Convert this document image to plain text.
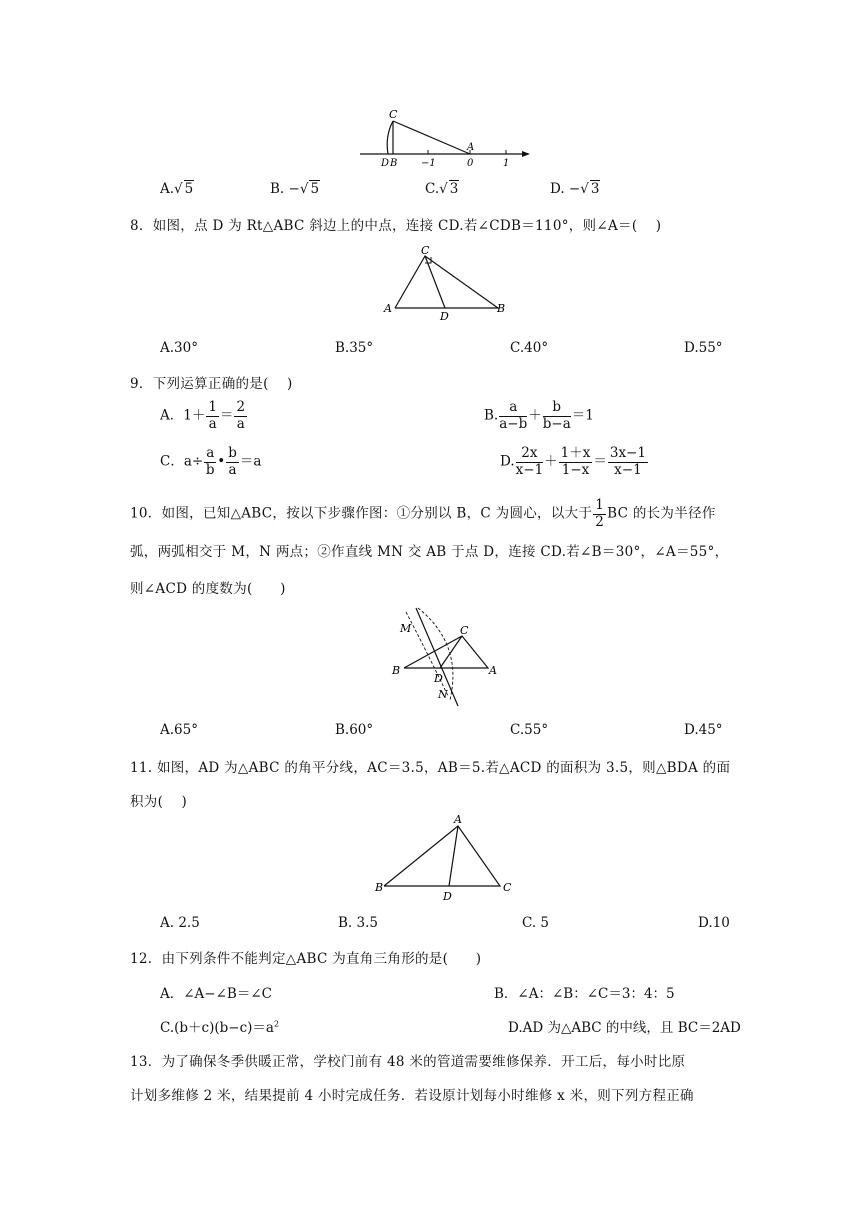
C
D B
A
−1	0	1
A.√ 5	B. −√ 5	C.√ 3	D. −√ 3
8．如图，点 D 为 Rt△ABC 斜边上的中点，连接 CD.若∠CDB＝110°，则∠A＝(　 )
C
A	B
D
A.30°	B.35°	C.40°	D.55°
9．下列运算正确的是(　 )
A．$1+ \frac{1}{a} = \frac{2}{a}$	B. $\frac{a}{a-b} + \frac{b}{b-a} =1$
C．$a\div \frac{a}{b}$ • $\frac{b}{a} =a$	D. $\frac{2x}{x-1} + \frac{1+x}{1-x} = \frac{3x-1}{x-1}$
10．如图，已知△ABC，按以下步骤作图：①分别以 B，C 为圆心，以大于 $\frac{1}{2}$ BC 的长为半径作
弧，两弧相交于 M，N 两点；②作直线 MN 交 AB 于点 D，连接 CD.若∠B＝30°，∠A＝55°，
则∠ACD 的度数为(　　)
M	C
B
D
A
N
A.65°	B.60°	C.55°	D.45°
11. 如图，AD 为△ABC 的角平分线，AC＝3.5，AB＝5.若△ACD 的面积为 3.5，则△BDA 的面
积为(　 )
A
B
D
C
A. 2.5	B. 3.5	C. 5	D.10
12．由下列条件不能判定△ABC 为直角三角形的是(　　)
A．∠A−∠B＝∠C	B．∠A：∠B：∠C＝3：4：5
$C.(b+c)(b-c)=a^2$	D.AD 为△ABC 的中线，且 BC＝2AD
13．为了确保冬季供暖正常，学校门前有 48 米的管道需要维修保养．开工后，每小时比原
计划多维修 2 米，结果提前 4 小时完成任务．若设原计划每小时维修 x 米，则下列方程正确
